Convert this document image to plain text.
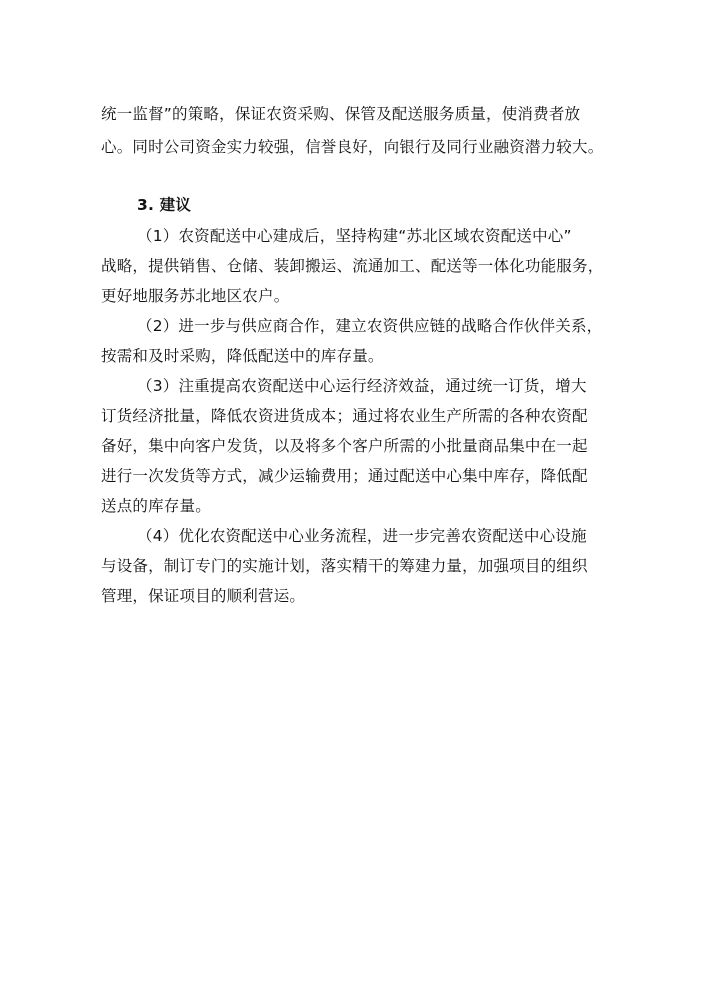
统一监督”的策略，保证农资采购、保管及配送服务质量，使消费者放

心。同时公司资金实力较强，信誉良好，向银行及同行业融资潜力较大。

3. 建议

（1）农资配送中心建成后，坚持构建“苏北区域农资配送中心”

战略，提供销售、仓储、装卸搬运、流通加工、配送等一体化功能服务，

更好地服务苏北地区农户。

（2）进一步与供应商合作，建立农资供应链的战略合作伙伴关系，

按需和及时采购，降低配送中的库存量。

（3）注重提高农资配送中心运行经济效益，通过统一订货，增大

订货经济批量，降低农资进货成本；通过将农业生产所需的各种农资配

备好，集中向客户发货，以及将多个客户所需的小批量商品集中在一起

进行一次发货等方式，减少运输费用；通过配送中心集中库存，降低配

送点的库存量。

（4）优化农资配送中心业务流程，进一步完善农资配送中心设施

与设备，制订专门的实施计划，落实精干的筹建力量，加强项目的组织

管理，保证项目的顺利营运。
